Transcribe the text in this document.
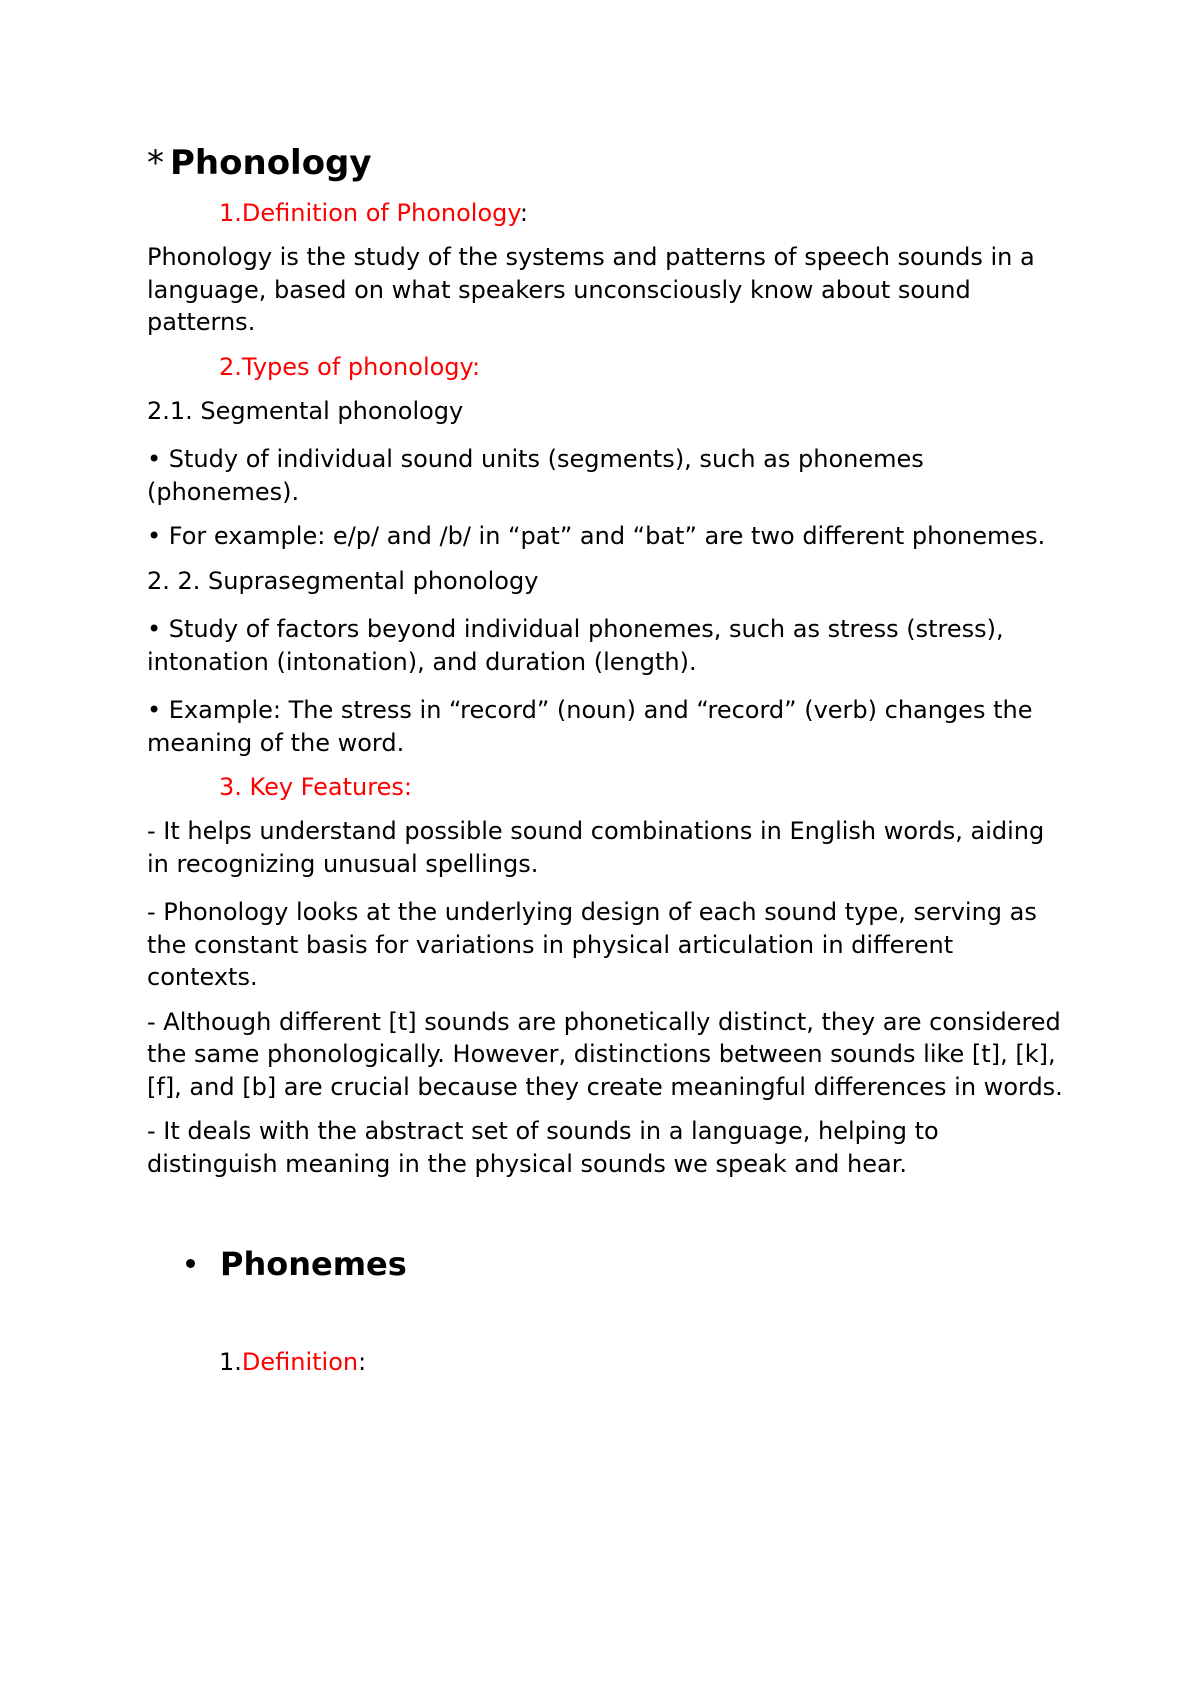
* Phonology

1.Definition of Phonology:

Phonology is the study of the systems and patterns of speech sounds in a language, based on what speakers unconsciously know about sound patterns.

2.Types of phonology:

2.1. Segmental phonology

• Study of individual sound units (segments), such as phonemes (phonemes).

• For example: e/p/ and /b/ in “pat” and “bat” are two different phonemes.

2. 2. Suprasegmental phonology

• Study of factors beyond individual phonemes, such as stress (stress), intonation (intonation), and duration (length).

• Example: The stress in “record” (noun) and “record” (verb) changes the meaning of the word.

3. Key Features:

- It helps understand possible sound combinations in English words, aiding in recognizing unusual spellings.

- Phonology looks at the underlying design of each sound type, serving as the constant basis for variations in physical articulation in different contexts.

- Although different [t] sounds are phonetically distinct, they are considered the same phonologically. However, distinctions between sounds like [t], [k], [f], and [b] are crucial because they create meaningful differences in words.

- It deals with the abstract set of sounds in a language, helping to distinguish meaning in the physical sounds we speak and hear.

Phonemes

1.Definition:
